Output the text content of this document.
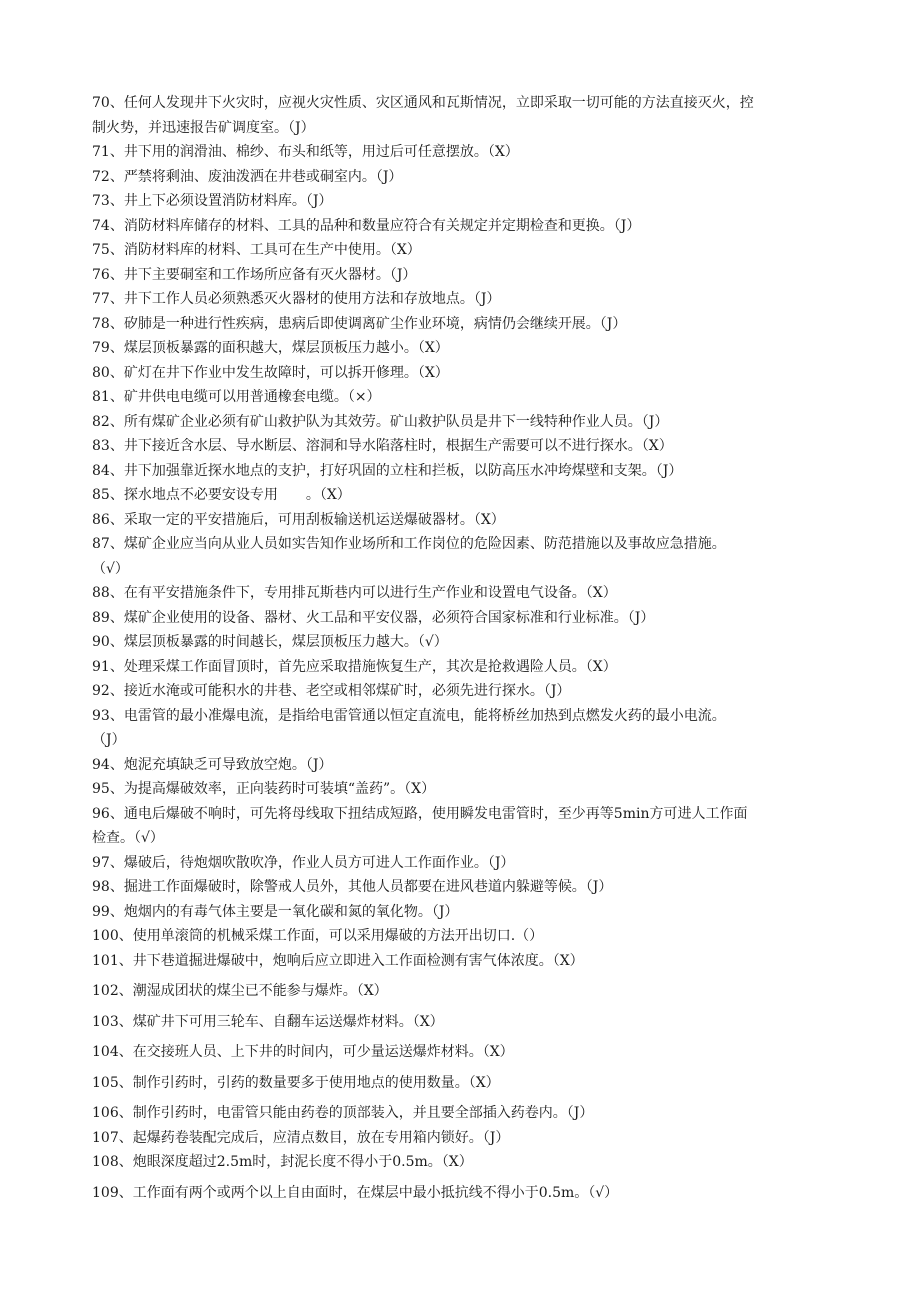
70、任何人发现井下火灾时，应视火灾性质、灾区通风和瓦斯情况，立即采取一切可能的方法直接灭火，控
制火势，并迅速报告矿调度室。（J）
71、井下用的润滑油、棉纱、布头和纸等，用过后可任意摆放。（X）
72、严禁将剩油、废油泼洒在井巷或硐室内。（J）
73、井上下必须设置消防材料库。（J）
74、消防材料库储存的材料、工具的品种和数量应符合有关规定并定期检查和更换。（J）
75、消防材料库的材料、工具可在生产中使用。（X）
76、井下主要硐室和工作场所应备有灭火器材。（J）
77、井下工作人员必须熟悉灭火器材的使用方法和存放地点。（J）
78、矽肺是一种进行性疾病，患病后即使调离矿尘作业环境，病情仍会继续开展。（J）
79、煤层顶板暴露的面积越大，煤层顶板压力越小。（X）
80、矿灯在井下作业中发生故障时，可以拆开修理。（X）
81、矿井供电电缆可以用普通橡套电缆。（×）
82、所有煤矿企业必须有矿山救护队为其效劳。矿山救护队员是井下一线特种作业人员。（J）
83、井下接近含水层、导水断层、溶洞和导水陷落柱时，根据生产需要可以不进行探水。（X）
84、井下加强靠近探水地点的支护，打好巩固的立柱和拦板，以防高压水冲垮煤壁和支架。（J）
85、探水地点不必要安设专用　　。（X）
86、采取一定的平安措施后，可用刮板输送机运送爆破器材。（X）
87、煤矿企业应当向从业人员如实告知作业场所和工作岗位的危险因素、防范措施以及事故应急措施。
（√）
88、在有平安措施条件下，专用排瓦斯巷内可以进行生产作业和设置电气设备。（X）
89、煤矿企业使用的设备、器材、火工品和平安仪器，必须符合国家标准和行业标准。（J）
90、煤层顶板暴露的时间越长，煤层顶板压力越大。（√）
91、处理采煤工作面冒顶时，首先应采取措施恢复生产，其次是抢救遇险人员。（X）
92、接近水淹或可能积水的井巷、老空或相邻煤矿时，必须先进行探水。（J）
93、电雷管的最小准爆电流，是指给电雷管通以恒定直流电，能将桥丝加热到点燃发火药的最小电流。
（J）
94、炮泥充填缺乏可导致放空炮。（J）
95、为提高爆破效率，正向装药时可装填“盖药”。（X）
96、通电后爆破不响时，可先将母线取下扭结成短路，使用瞬发电雷管时，至少再等5min方可进人工作面
检查。（√）
97、爆破后，待炮烟吹散吹净，作业人员方可进人工作面作业。（J）
98、掘进工作面爆破时，除警戒人员外，其他人员都要在进风巷道内躲避等候。（J）
99、炮烟内的有毒气体主要是一氧化碳和氮的氧化物。（J）
100、使用单滚筒的机械采煤工作面，可以采用爆破的方法开出切口.（）
101、井下巷道掘进爆破中，炮响后应立即进入工作面检测有害气体浓度。（X）
102、潮湿成团状的煤尘已不能参与爆炸。（X）
103、煤矿井下可用三轮车、自翻车运送爆炸材料。（X）
104、在交接班人员、上下井的时间内，可少量运送爆炸材料。（X）
105、制作引药时，引药的数量要多于使用地点的使用数量。（X）
106、制作引药时，电雷管只能由药卷的顶部装入，并且要全部插入药卷内。（J）
107、起爆药卷装配完成后，应清点数目，放在专用箱内锁好。（J）
108、炮眼深度超过2.5m时，封泥长度不得小于0.5m。（X）
109、工作面有两个或两个以上自由面时，在煤层中最小抵抗线不得小于0.5m。（√）
